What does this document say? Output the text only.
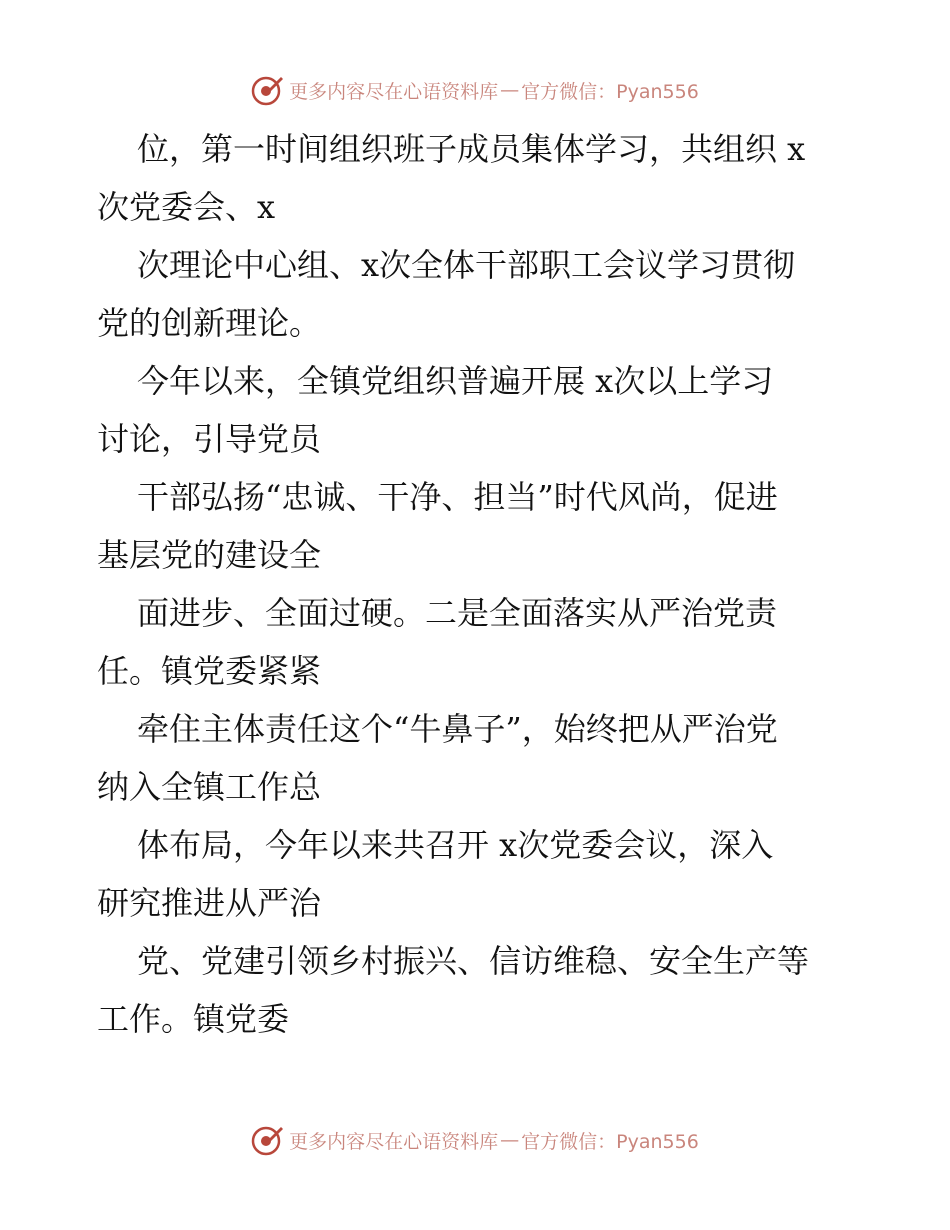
更多内容尽在心语资料库 — 官方微信：Pyan556

位，第一时间组织班子成员集体学习，共组织 x
次党委会、x

次理论中心组、x次全体干部职工会议学习贯彻
党的创新理论。

今年以来，全镇党组织普遍开展 x次以上学习
讨论，引导党员

干部弘扬“忠诚、干净、担当”时代风尚，促进
基层党的建设全

面进步、全面过硬。二是全面落实从严治党责
任。镇党委紧紧

牵住主体责任这个“牛鼻子”，始终把从严治党
纳入全镇工作总

体布局，今年以来共召开 x次党委会议，深入
研究推进从严治

党、党建引领乡村振兴、信访维稳、安全生产等
工作。镇党委

更多内容尽在心语资料库 — 官方微信：Pyan556
